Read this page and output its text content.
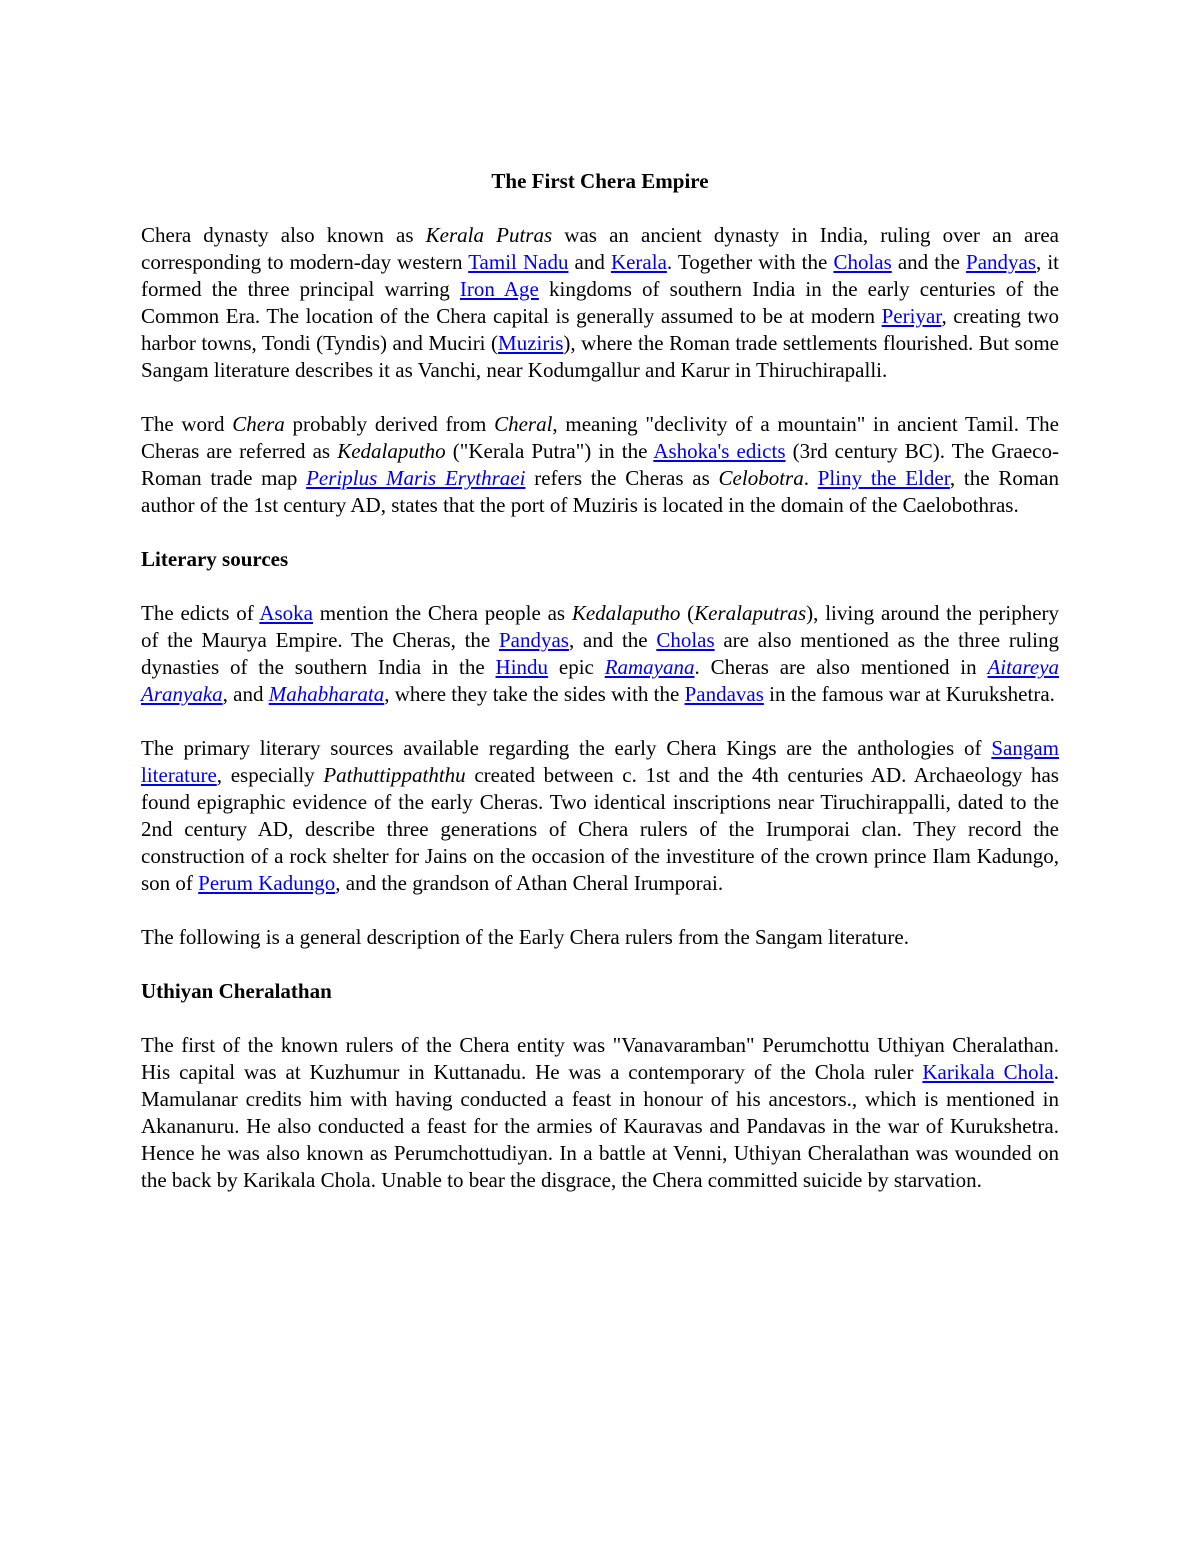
The First Chera Empire

Chera dynasty also known as Kerala Putras was an ancient dynasty in India, ruling over an area corresponding to modern-day western Tamil Nadu and Kerala. Together with the Cholas and the Pandyas, it formed the three principal warring Iron Age kingdoms of southern India in the early centuries of the Common Era. The location of the Chera capital is generally assumed to be at modern Periyar, creating two harbor towns, Tondi (Tyndis) and Muciri (Muziris), where the Roman trade settlements flourished. But some Sangam literature describes it as Vanchi, near Kodumgallur and Karur in Thiruchirapalli.

The word Chera probably derived from Cheral, meaning "declivity of a mountain" in ancient Tamil. The Cheras are referred as Kedalaputho ("Kerala Putra") in the Ashoka's edicts (3rd century BC). The Graeco-Roman trade map Periplus Maris Erythraei refers the Cheras as Celobotra. Pliny the Elder, the Roman author of the 1st century AD, states that the port of Muziris is located in the domain of the Caelobothras.

Literary sources

The edicts of Asoka mention the Chera people as Kedalaputho (Keralaputras), living around the periphery of the Maurya Empire. The Cheras, the Pandyas, and the Cholas are also mentioned as the three ruling dynasties of the southern India in the Hindu epic Ramayana. Cheras are also mentioned in Aitareya Aranyaka, and Mahabharata, where they take the sides with the Pandavas in the famous war at Kurukshetra.

The primary literary sources available regarding the early Chera Kings are the anthologies of Sangam literature, especially Pathuttippaththu created between c. 1st and the 4th centuries AD. Archaeology has found epigraphic evidence of the early Cheras. Two identical inscriptions near Tiruchirappalli, dated to the 2nd century AD, describe three generations of Chera rulers of the Irumporai clan. They record the construction of a rock shelter for Jains on the occasion of the investiture of the crown prince Ilam Kadungo, son of Perum Kadungo, and the grandson of Athan Cheral Irumporai.

The following is a general description of the Early Chera rulers from the Sangam literature.

Uthiyan Cheralathan

The first of the known rulers of the Chera entity was "Vanavaramban" Perumchottu Uthiyan Cheralathan. His capital was at Kuzhumur in Kuttanadu. He was a contemporary of the Chola ruler Karikala Chola. Mamulanar credits him with having conducted a feast in honour of his ancestors., which is mentioned in Akananuru. He also conducted a feast for the armies of Kauravas and Pandavas in the war of Kurukshetra. Hence he was also known as Perumchottudiyan. In a battle at Venni, Uthiyan Cheralathan was wounded on the back by Karikala Chola. Unable to bear the disgrace, the Chera committed suicide by starvation.
